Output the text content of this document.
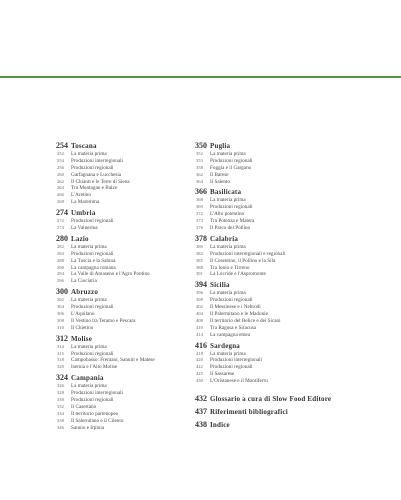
254 Toscana
252	La materia prima
254	Produzioni interregionali
256	Produzioni regionali
260	Garfagnana e Lucchesia
262	Il Chianti e le Terre di Siena
264	Tra Montagne e Balze
266	L'Aretino
268	La Maremma
274 Umbria
272	Produzioni regionali
274	La Valnerina
280 Lazio
282	La materia prima
284	Produzioni regionali
288	La Tuscia e la Sabina
290	La campagna romana
294	La Valle di Amaseno e l'Agro Pontino
296	La Ciociaria
300 Abruzzo
302	La materia prima
304	Produzioni regionali
306	L'Aquilano
308	Il Vestino tra Teramo e Pescara
310	Il Chietino
312 Molise
314	La materia prima
315	Produzioni regionali
318	Campobasso: Frentani, Sanniti e Matese
320	Isernia e l'Alto Molise
324 Campania
326	La materia prima
328	Produzioni interregionali
330	Produzioni regionali
332	Il Casertano
334	Il territorio partenopeo
338	Il Salernitano e il Cilento
346	Sannio e Irpinia
350 Puglia
352	La materia prima
353	Produzioni regionali
358	Foggia e il Gargano
362	Il Barese
364	Il Salento
366 Basilicata
368	La materia prima
369	Produzioni regionali
372	L'Alto potentino
373	Tra Potenza e Matera
376	Il Parco del Pollino
378 Calabria
380	La materia prima
382	Produzioni interregionali e regionali
385	Il Cosentino, il Pollino e la Sila
388	Tra Ionio e Tirreno
391	La Locride e l'Aspromonte
394 Sicilia
396	La materia prima
398	Produzioni regionali
402	Il Messinese e i Nebrodi
404	Il Palermitano e le Madonie
408	Il territorio del Belice e dei Sicani
410	Tra Ragusa e Siracusa
414	La campagna etnea
416 Sardegna
418	La materia prima
420	Produzioni interregionali
422	Produzioni regionali
425	Il Sassarese
430	L'Oristanese e il Montiferru
432 Glossario a cura di Slow Food Editore
437 Riferimenti bibliografici
438 Indice
